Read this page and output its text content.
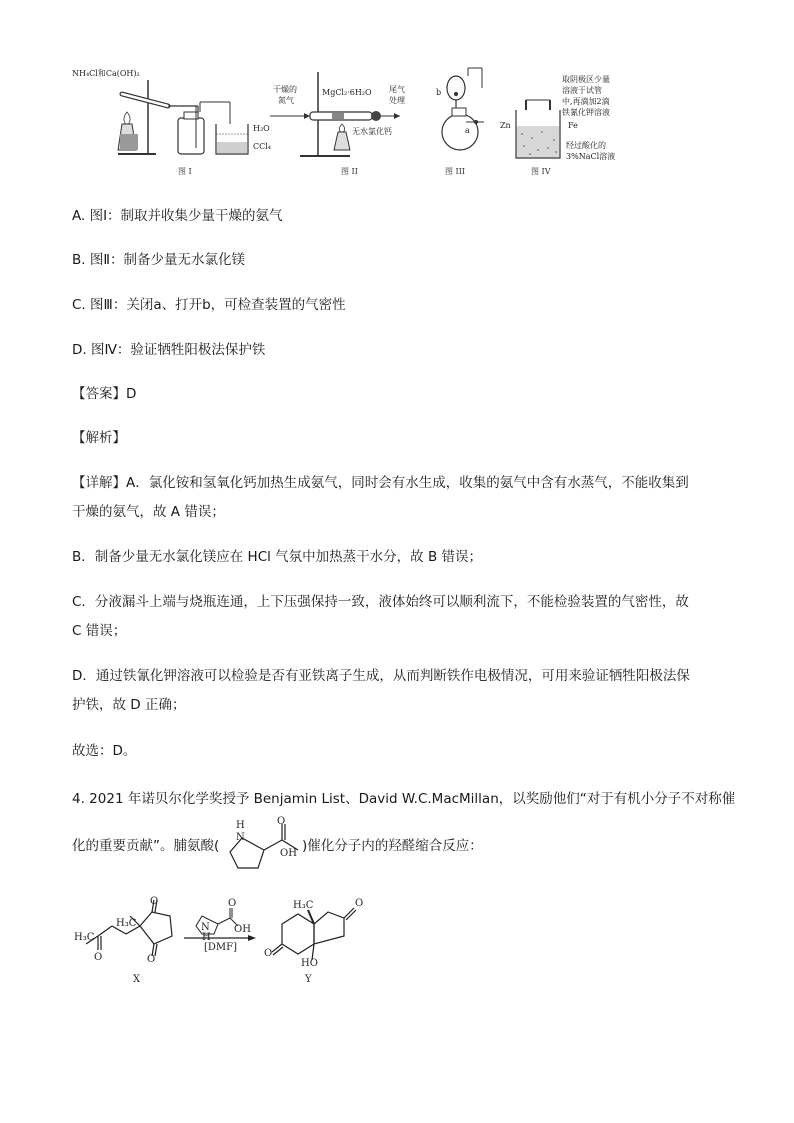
NH₄Cl和Ca(OH)₂
H₂O
CCl₄
图 I
干燥的
氮气
MgCl₂·6H₂O 尾气
处理
无水氯化钙
图 II
b
a
图 III
取阴极区少量
溶液于试管
中,再滴加2滴
铁氰化钾溶液
Zn	Fe
经过酸化的
3%NaCl溶液
图 IV
A. 图Ⅰ：制取并收集少量干燥的氨气
B. 图Ⅱ：制备少量无水氯化镁
C. 图Ⅲ：关闭a、打开b，可检查装置的气密性
D. 图Ⅳ：验证牺牲阳极法保护铁
【答案】D
【解析】
【详解】A．氯化铵和氢氧化钙加热生成氨气，同时会有水生成，收集的氨气中含有水蒸气，不能收集到
干燥的氨气，故 A 错误；
B．制备少量无水氯化镁应在 HCl 气氛中加热蒸干水分，故 B 错误；
C．分液漏斗上端与烧瓶连通，上下压强保持一致，液体始终可以顺利流下，不能检验装置的气密性，故
C 错误；
D．通过铁氰化钾溶液可以检验是否有亚铁离子生成，从而判断铁作电极情况，可用来验证牺牲阳极法保
护铁，故 D 正确；
故选：D。
4. 2021 年诺贝尔化学奖授予 Benjamin List、David W.C.MacMillan，以奖励他们“对于有机小分子不对称催
化的重要贡献”。脯氨酸(
H
N
O
OH )催化分子内的羟醛缩合反应：
H₃C
H₃C
O
O
O
X
N
H
O
OH
[DMF]
H₃C	O
O
HO
Y
